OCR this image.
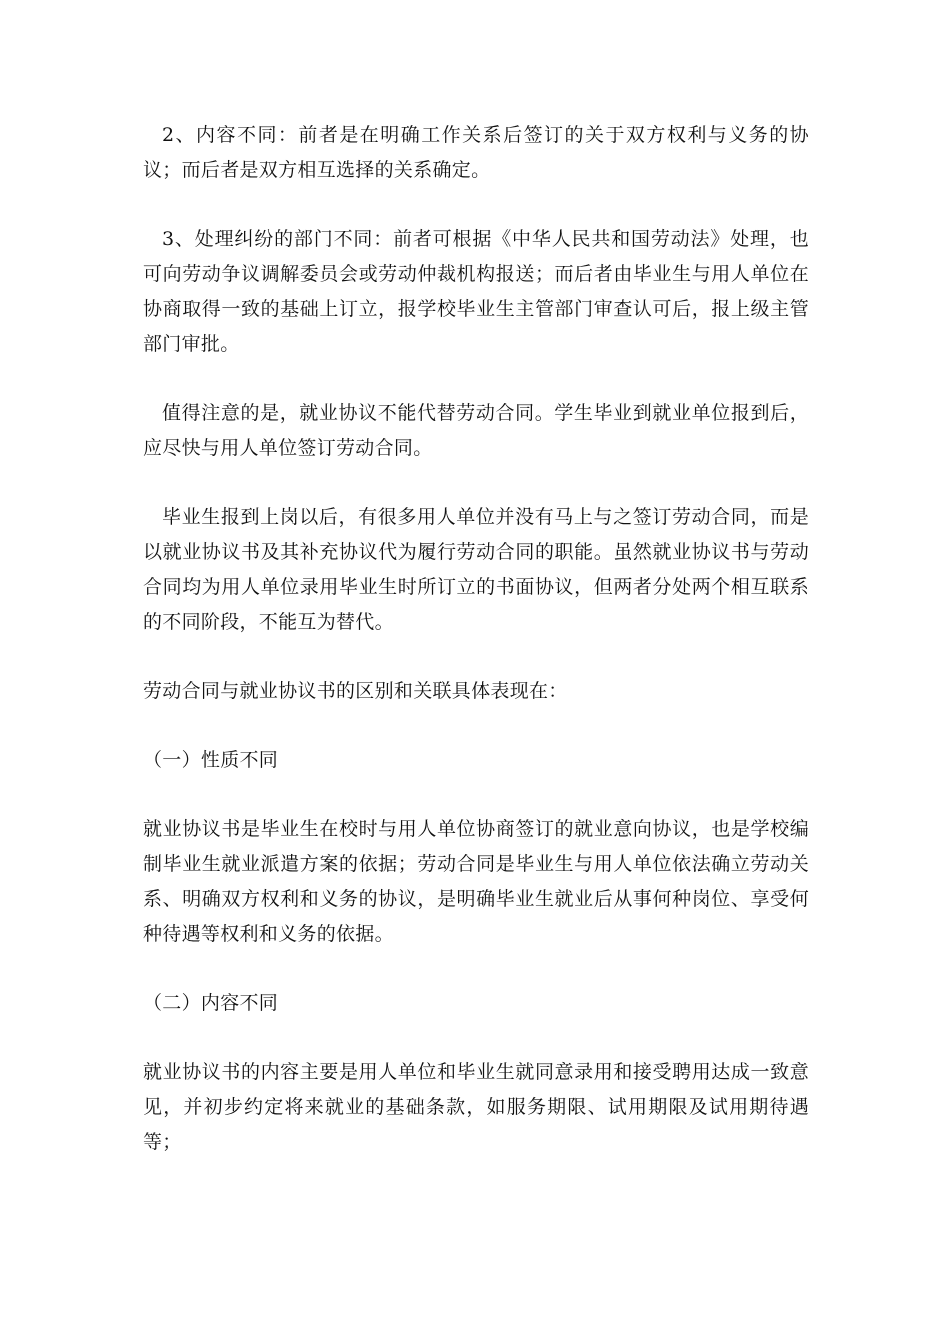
2、内容不同：前者是在明确工作关系后签订的关于双方权利与义务的协议；而后者是双方相互选择的关系确定。

3、处理纠纷的部门不同：前者可根据《中华人民共和国劳动法》处理，也可向劳动争议调解委员会或劳动仲裁机构报送；而后者由毕业生与用人单位在协商取得一致的基础上订立，报学校毕业生主管部门审查认可后，报上级主管部门审批。

值得注意的是，就业协议不能代替劳动合同。学生毕业到就业单位报到后，应尽快与用人单位签订劳动合同。

毕业生报到上岗以后，有很多用人单位并没有马上与之签订劳动合同，而是以就业协议书及其补充协议代为履行劳动合同的职能。虽然就业协议书与劳动合同均为用人单位录用毕业生时所订立的书面协议，但两者分处两个相互联系的不同阶段，不能互为替代。

劳动合同与就业协议书的区别和关联具体表现在：

（一）性质不同

就业协议书是毕业生在校时与用人单位协商签订的就业意向协议，也是学校编制毕业生就业派遣方案的依据；劳动合同是毕业生与用人单位依法确立劳动关系、明确双方权利和义务的协议，是明确毕业生就业后从事何种岗位、享受何种待遇等权利和义务的依据。

（二）内容不同

就业协议书的内容主要是用人单位和毕业生就同意录用和接受聘用达成一致意见，并初步约定将来就业的基础条款，如服务期限、试用期限及试用期待遇等；
